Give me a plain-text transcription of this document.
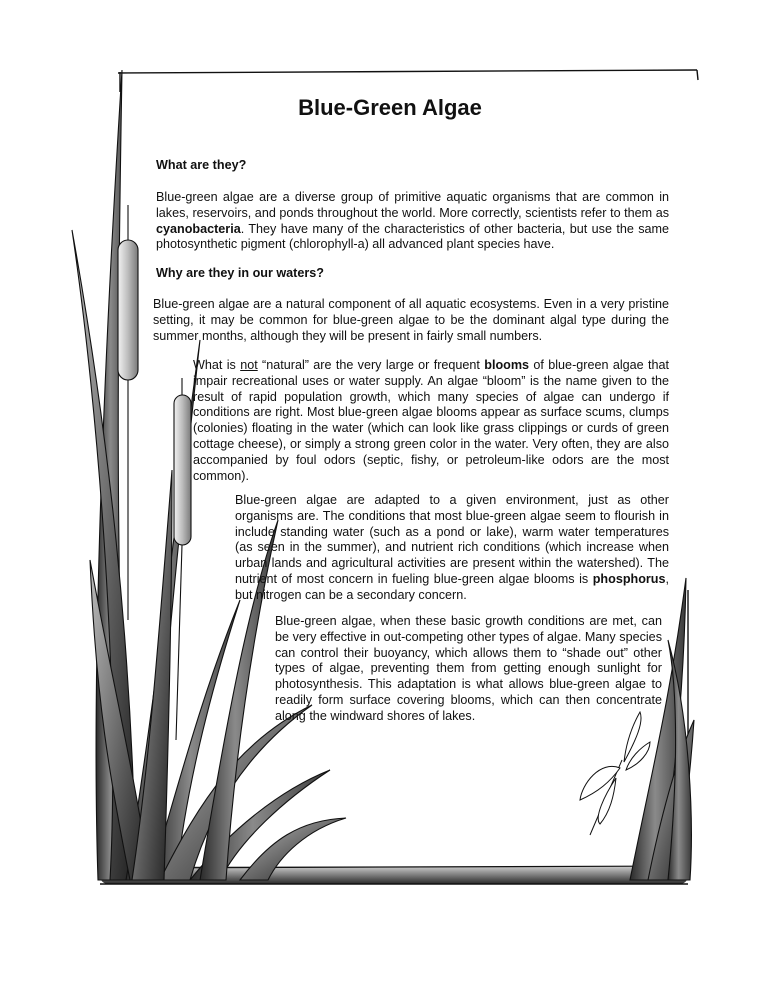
Blue-Green Algae
What are they?
Blue-green algae are a diverse group of primitive aquatic organisms that are common in lakes, reservoirs, and ponds throughout the world. More correctly, scientists refer to them as cyanobacteria. They have many of the characteristics of other bacteria, but use the same photosynthetic pigment (chlorophyll-a) all advanced plant species have.
Why are they in our waters?
Blue-green algae are a natural component of all aquatic ecosystems. Even in a very pristine setting, it may be common for blue-green algae to be the dominant algal type during the summer months, although they will be present in fairly small numbers.
What is not “natural” are the very large or frequent blooms of blue-green algae that impair recreational uses or water supply. An algae “bloom” is the name given to the result of rapid population growth, which many species of algae can undergo if conditions are right. Most blue-green algae blooms appear as surface scums, clumps (colonies) floating in the water (which can look like grass clippings or curds of green cottage cheese), or simply a strong green color in the water. Very often, they are also accompanied by foul odors (septic, fishy, or petroleum-like odors are the most common).
Blue-green algae are adapted to a given environment, just as other organisms are. The conditions that most blue-green algae seem to flourish in include standing water (such as a pond or lake), warm water temperatures (as seen in the summer), and nutrient rich conditions (which increase when urban lands and agricultural activities are present within the watershed). The nutrient of most concern in fueling blue-green algae blooms is phosphorus, but nitrogen can be a secondary concern.
Blue-green algae, when these basic growth conditions are met, can be very effective in out-competing other types of algae. Many species can control their buoyancy, which allows them to “shade out” other types of algae, preventing them from getting enough sunlight for photosynthesis. This adaptation is what allows blue-green algae to readily form surface covering blooms, which can then concentrate along the windward shores of lakes.
